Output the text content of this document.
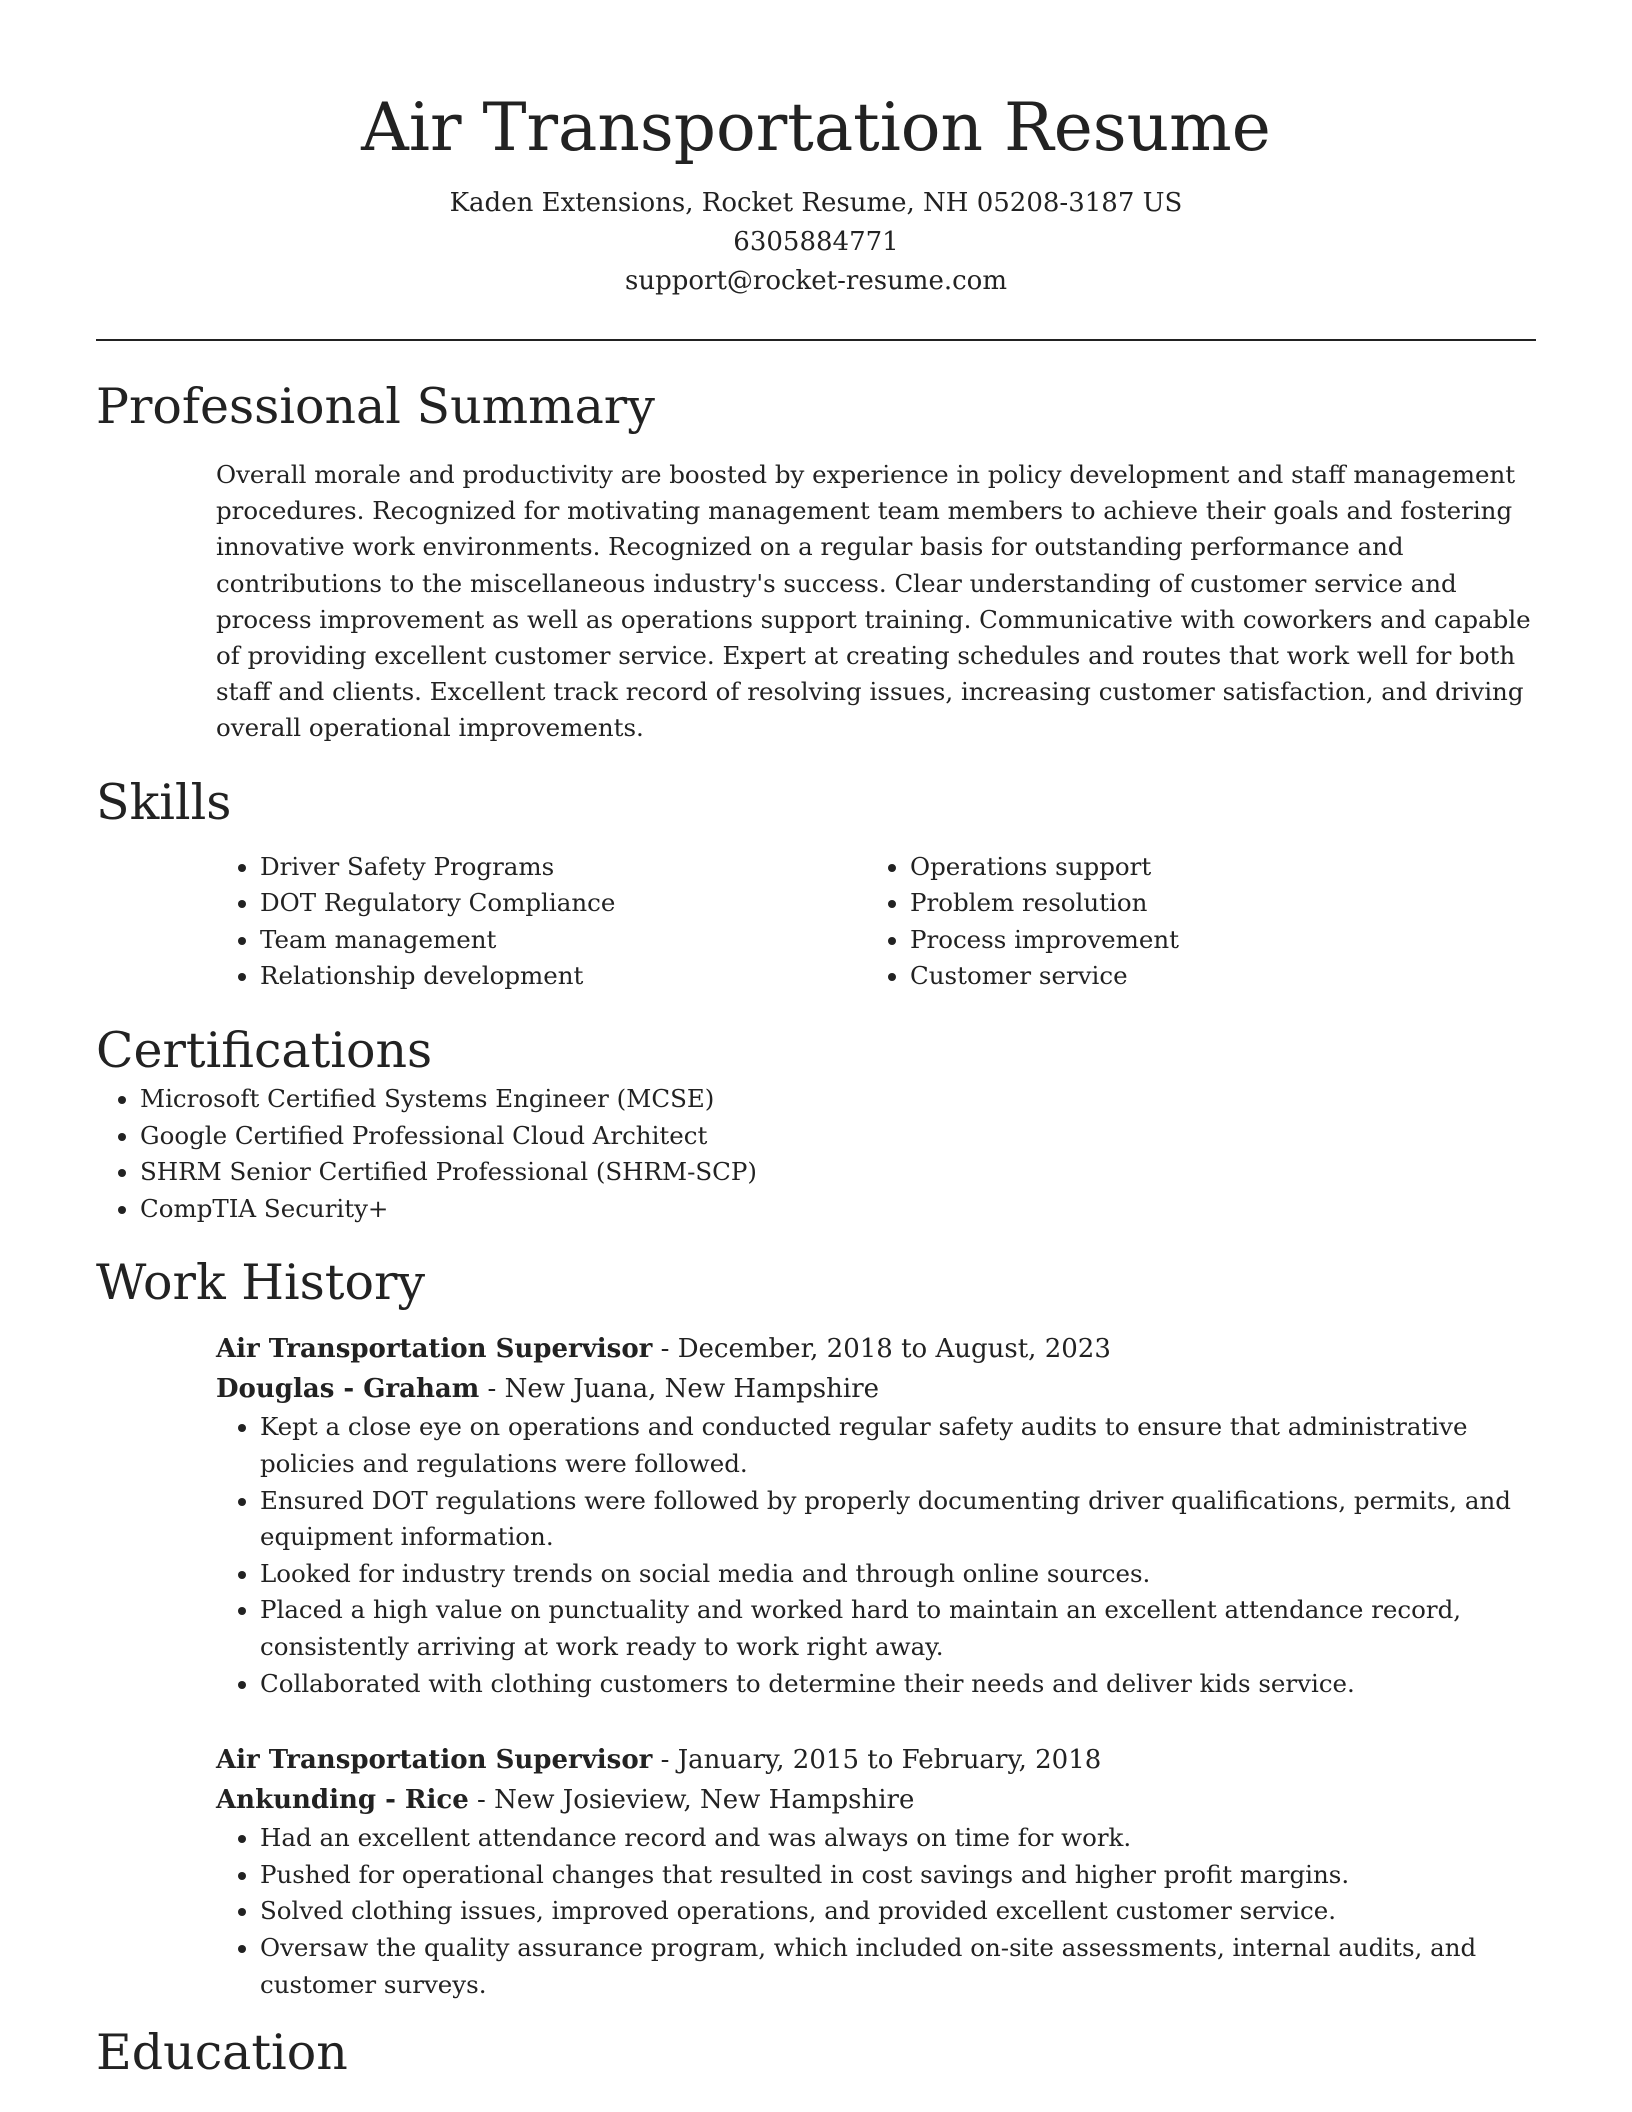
Air Transportation Resume
Kaden Extensions, Rocket Resume, NH 05208-3187 US
6305884771
support@rocket-resume.com
Professional Summary

Overall morale and productivity are boosted by experience in policy development and staff management procedures. Recognized for motivating management team members to achieve their goals and fostering innovative work environments. Recognized on a regular basis for outstanding performance and contributions to the miscellaneous industry's success. Clear understanding of customer service and process improvement as well as operations support training. Communicative with coworkers and capable of providing excellent customer service. Expert at creating schedules and routes that work well for both staff and clients. Excellent track record of resolving issues, increasing customer satisfaction, and driving overall operational improvements.

Skills
• Driver Safety Programs
• DOT Regulatory Compliance
• Team management
• Relationship development
• Operations support
• Problem resolution
• Process improvement
• Customer service
Certifications
• Microsoft Certified Systems Engineer (MCSE)
• Google Certified Professional Cloud Architect
• SHRM Senior Certified Professional (SHRM-SCP)
• CompTIA Security+
Work History
Air Transportation Supervisor - December, 2018 to August, 2023
Douglas - Graham - New Juana, New Hampshire
• Kept a close eye on operations and conducted regular safety audits to ensure that administrative policies and regulations were followed.
• Ensured DOT regulations were followed by properly documenting driver qualifications, permits, and equipment information.
• Looked for industry trends on social media and through online sources.
• Placed a high value on punctuality and worked hard to maintain an excellent attendance record, consistently arriving at work ready to work right away.
• Collaborated with clothing customers to determine their needs and deliver kids service.
Air Transportation Supervisor - January, 2015 to February, 2018
Ankunding - Rice - New Josieview, New Hampshire
• Had an excellent attendance record and was always on time for work.
• Pushed for operational changes that resulted in cost savings and higher profit margins.
• Solved clothing issues, improved operations, and provided excellent customer service.
• Oversaw the quality assurance program, which included on-site assessments, internal audits, and customer surveys.
Education
